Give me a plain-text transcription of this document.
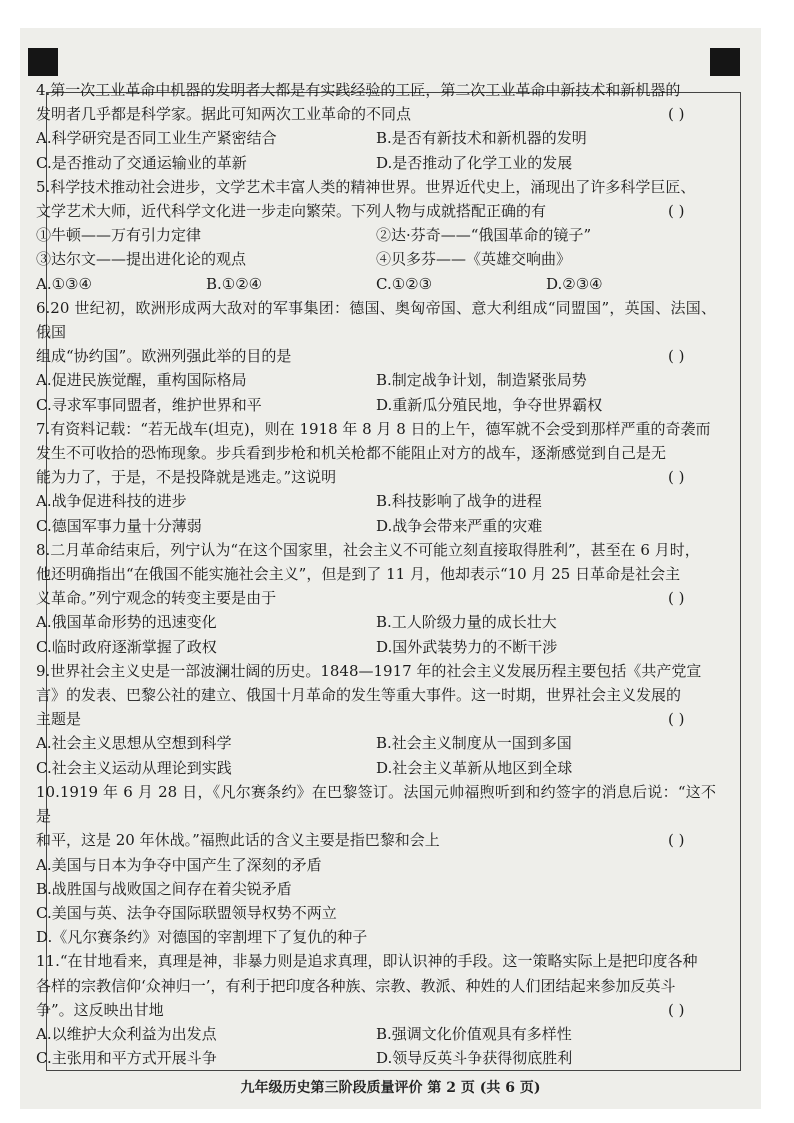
九年级历史第三阶段质量评价 第 2 页 (共 6 页)
4.第一次工业革命中机器的发明者大都是有实践经验的工匠，第二次工业革命中新技术和新机器的
( )
发明者几乎都是科学家。据此可知两次工业革命的不同点
A.科学研究是否同工业生产紧密结合	B.是否有新技术和新机器的发明
C.是否推动了交通运输业的革新	D.是否推动了化学工业的发展
5.科学技术推动社会进步，文学艺术丰富人类的精神世界。世界近代史上，涌现出了许多科学巨匠、
( )
文学艺术大师，近代科学文化进一步走向繁荣。下列人物与成就搭配正确的有
①牛顿——万有引力定律	②达·芬奇——“俄国革命的镜子”
③达尔文——提出进化论的观点	④贝多芬——《英雄交响曲》
A.①③④	B.①②④	C.①②③	D.②③④
6.20 世纪初，欧洲形成两大敌对的军事集团：德国、奥匈帝国、意大利组成“同盟国”，英国、法国、俄国
( )
组成“协约国”。欧洲列强此举的目的是
A.促进民族觉醒，重构国际格局	B.制定战争计划，制造紧张局势
C.寻求军事同盟者，维护世界和平	D.重新瓜分殖民地，争夺世界霸权
7.有资料记载：“若无战车(坦克)，则在 1918 年 8 月 8 日的上午，德军就不会受到那样严重的奇袭而
发生不可收拾的恐怖现象。步兵看到步枪和机关枪都不能阻止对方的战车，逐渐感觉到自己是无
( )
能为力了，于是，不是投降就是逃走。”这说明
A.战争促进科技的进步	B.科技影响了战争的进程
C.德国军事力量十分薄弱	D.战争会带来严重的灾难
8.二月革命结束后，列宁认为“在这个国家里，社会主义不可能立刻直接取得胜利”，甚至在 6 月时，
他还明确指出“在俄国不能实施社会主义”，但是到了 11 月，他却表示“10 月 25 日革命是社会主
( )
义革命。”列宁观念的转变主要是由于
A.俄国革命形势的迅速变化	B.工人阶级力量的成长壮大
C.临时政府逐渐掌握了政权	D.国外武装势力的不断干涉
9.世界社会主义史是一部波澜壮阔的历史。1848—1917 年的社会主义发展历程主要包括《共产党宣
言》的发表、巴黎公社的建立、俄国十月革命的发生等重大事件。这一时期，世界社会主义发展的
( )
主题是
A.社会主义思想从空想到科学	B.社会主义制度从一国到多国
C.社会主义运动从理论到实践	D.社会主义革新从地区到全球
10.1919 年 6 月 28 日，《凡尔赛条约》在巴黎签订。法国元帅福煦听到和约签字的消息后说：“这不是
( )
和平，这是 20 年休战。”福煦此话的含义主要是指巴黎和会上
A.美国与日本为争夺中国产生了深刻的矛盾
B.战胜国与战败国之间存在着尖锐矛盾
C.美国与英、法争夺国际联盟领导权势不两立
D.《凡尔赛条约》对德国的宰割埋下了复仇的种子
11.“在甘地看来，真理是神，非暴力则是追求真理，即认识神的手段。这一策略实际上是把印度各种
各样的宗教信仰‘众神归一’，有利于把印度各种族、宗教、教派、种姓的人们团结起来参加反英斗
( )
争”。这反映出甘地
A.以维护大众利益为出发点	B.强调文化价值观具有多样性
C.主张用和平方式开展斗争	D.领导反英斗争获得彻底胜利
